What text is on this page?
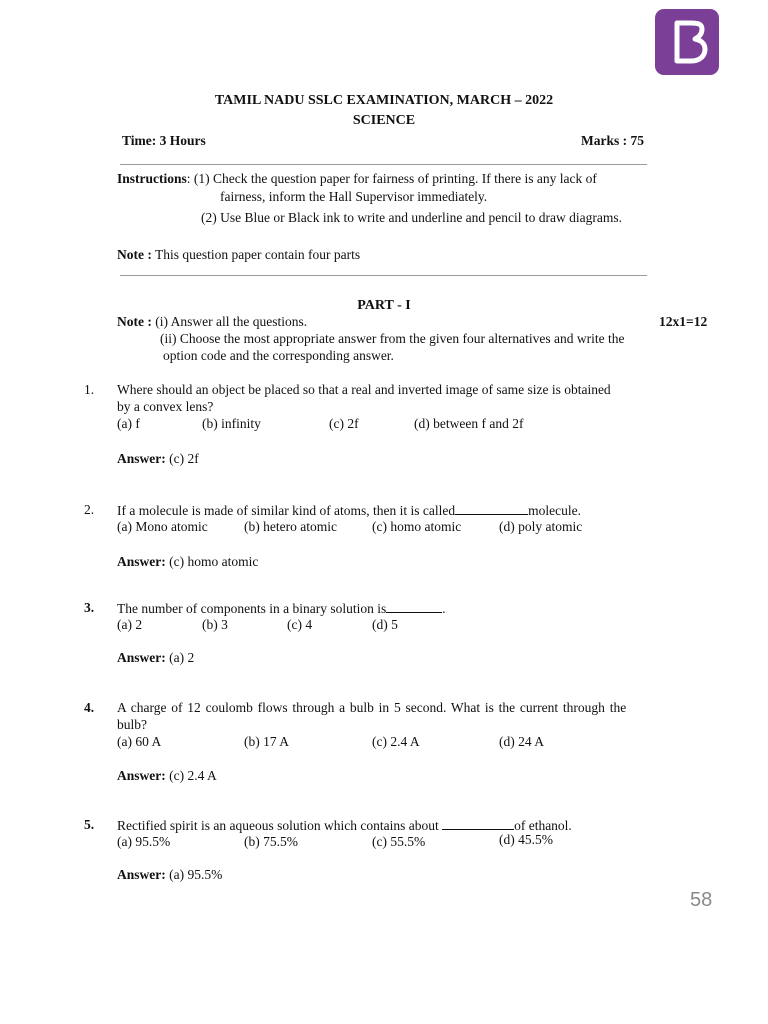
TAMIL NADU SSLC EXAMINATION, MARCH – 2022
SCIENCE
Time: 3 Hours	Marks : 75
Instructions: (1) Check the question paper for fairness of printing. If there is any lack of
fairness, inform the Hall Supervisor immediately.
(2) Use Blue or Black ink to write and underline and pencil to draw diagrams.
Note : This question paper contain four parts
PART - I
Note : (i) Answer all the questions.	12x1=12
(ii) Choose the most appropriate answer from the given four alternatives and write the
option code and the corresponding answer.
1. Where should an object be placed so that a real and inverted image of same size is obtained
by a convex lens?
(a) f	(b) infinity	(c) 2f	(d) between f and 2f
Answer: (c) 2f
2. If a molecule is made of similar kind of atoms, then it is called	molecule.
(a) Mono atomic	(b) hetero atomic	(c) homo atomic	(d) poly atomic
Answer: (c) homo atomic
3. The number of components in a binary solution is	.
(a) 2	(b) 3	(c) 4	(d) 5
Answer: (a) 2
4. A charge of 12 coulomb flows through a bulb in 5 second. What is the current through the
bulb?
(a) 60 A	(b) 17 A	(c) 2.4 A	(d) 24 A
Answer: (c) 2.4 A
5. Rectified spirit is an aqueous solution which contains about	of ethanol.
(a) 95.5%	(b) 75.5%	(c) 55.5%	(d) 45.5%
Answer: (a) 95.5%
58
